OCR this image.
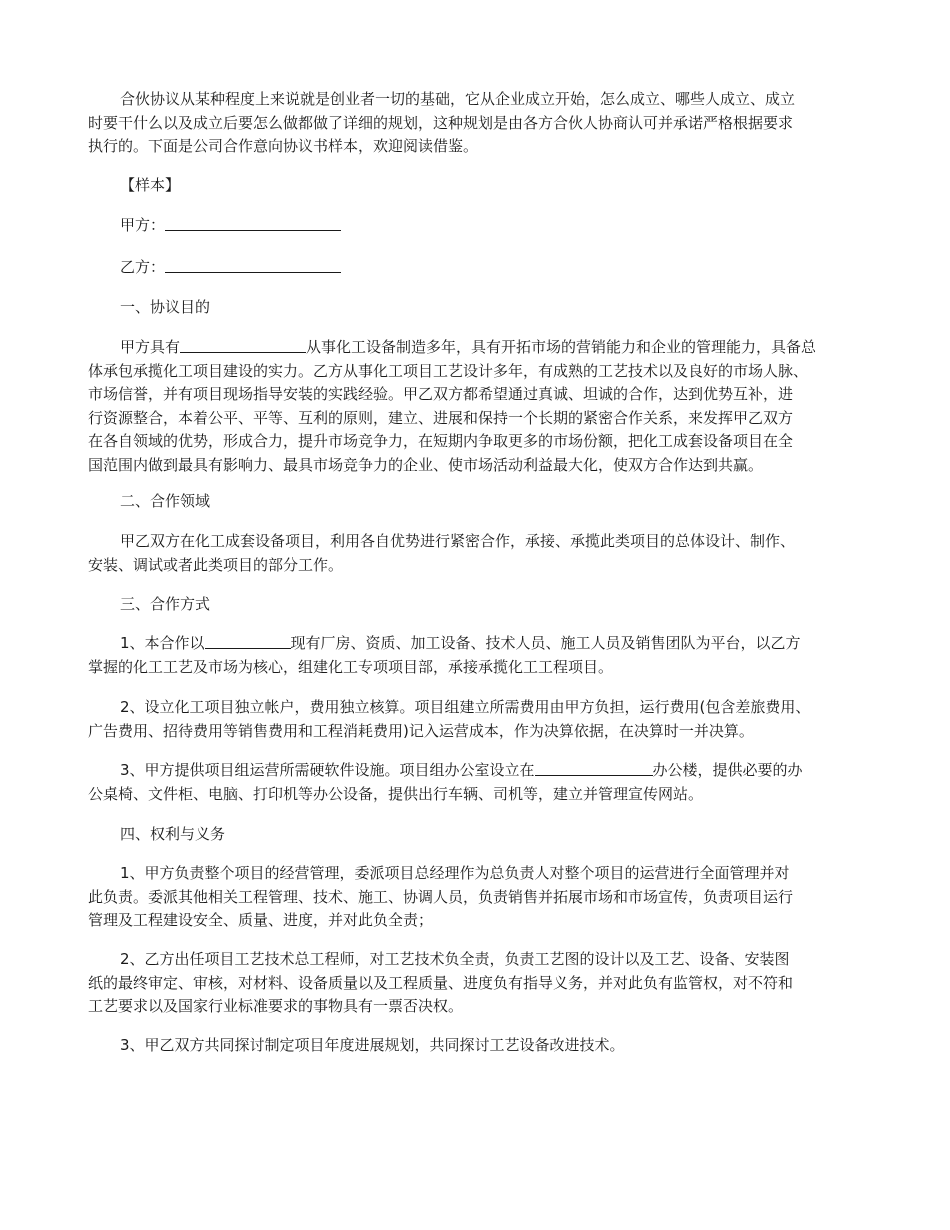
合伙协议从某种程度上来说就是创业者一切的基础，它从企业成立开始，怎么成立、哪些人成立、成立
时要干什么以及成立后要怎么做都做了详细的规划，这种规划是由各方合伙人协商认可并承诺严格根据要求
执行的。下面是公司合作意向协议书样本，欢迎阅读借鉴。
【样本】
甲方：
乙方：
一、协议目的
甲方具有	从事化工设备制造多年，具有开拓市场的营销能力和企业的管理能力，具备总
体承包承揽化工项目建设的实力。乙方从事化工项目工艺设计多年，有成熟的工艺技术以及良好的市场人脉、
市场信誉，并有项目现场指导安装的实践经验。甲乙双方都希望通过真诚、坦诚的合作，达到优势互补，进
行资源整合，本着公平、平等、互利的原则，建立、进展和保持一个长期的紧密合作关系，来发挥甲乙双方
在各自领域的优势，形成合力，提升市场竞争力，在短期内争取更多的市场份额，把化工成套设备项目在全
国范围内做到最具有影响力、最具市场竞争力的企业、使市场活动利益最大化，使双方合作达到共赢。
二、合作领域
甲乙双方在化工成套设备项目，利用各自优势进行紧密合作，承接、承揽此类项目的总体设计、制作、
安装、调试或者此类项目的部分工作。
三、合作方式
1、本合作以	现有厂房、资质、加工设备、技术人员、施工人员及销售团队为平台，以乙方
掌握的化工工艺及市场为核心，组建化工专项项目部，承接承揽化工工程项目。
2、设立化工项目独立帐户，费用独立核算。项目组建立所需费用由甲方负担，运行费用(包含差旅费用、
广告费用、招待费用等销售费用和工程消耗费用)记入运营成本，作为决算依据，在决算时一并决算。
3、甲方提供项目组运营所需硬软件设施。项目组办公室设立在	办公楼，提供必要的办
公桌椅、文件柜、电脑、打印机等办公设备，提供出行车辆、司机等，建立并管理宣传网站。
四、权利与义务
1、甲方负责整个项目的经营管理，委派项目总经理作为总负责人对整个项目的运营进行全面管理并对
此负责。委派其他相关工程管理、技术、施工、协调人员，负责销售并拓展市场和市场宣传，负责项目运行
管理及工程建设安全、质量、进度，并对此负全责；
2、乙方出任项目工艺技术总工程师，对工艺技术负全责，负责工艺图的设计以及工艺、设备、安装图
纸的最终审定、审核，对材料、设备质量以及工程质量、进度负有指导义务，并对此负有监管权，对不符和
工艺要求以及国家行业标准要求的事物具有一票否决权。
3、甲乙双方共同探讨制定项目年度进展规划，共同探讨工艺设备改进技术。
